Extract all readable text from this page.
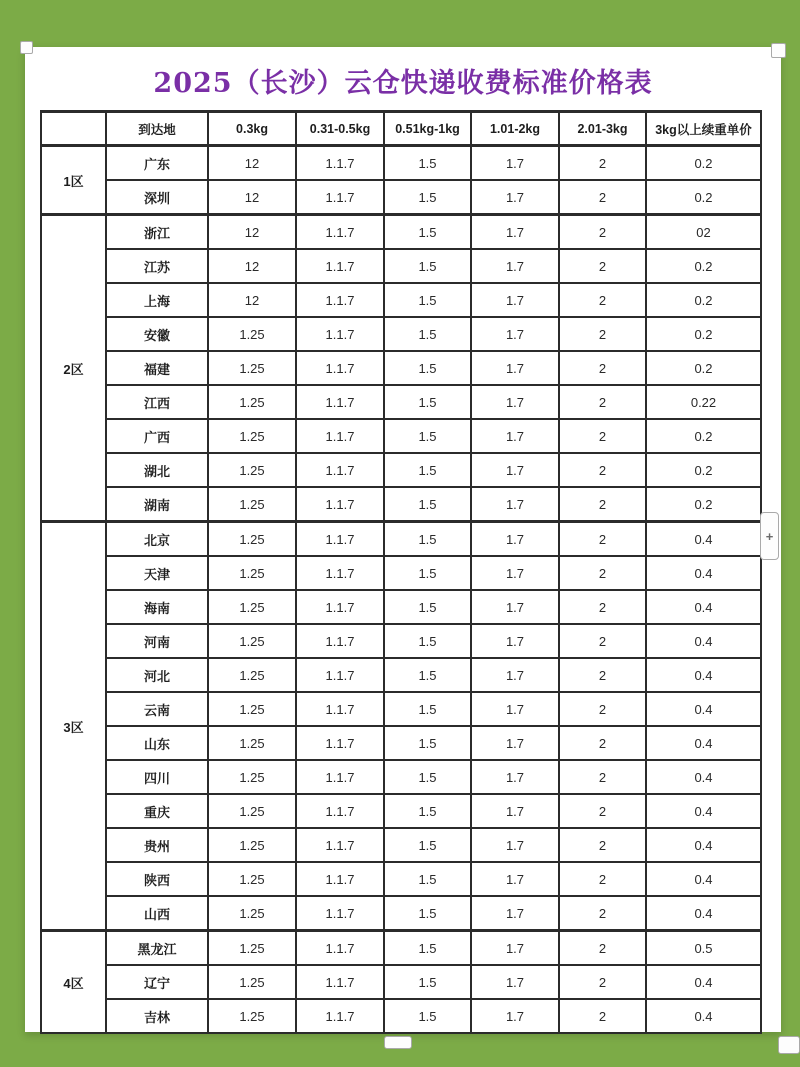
2025（长沙）云仓快递收费标准价格表
	到达地	0.3kg	0.31-0.5kg	0.51kg-1kg	1.01-2kg	2.01-3kg	3kg以上续重单价
1区	广东	12	1.1.7	1.5	1.7	2	0.2
	深圳	12	1.1.7	1.5	1.7	2	0.2
2区	浙江	12	1.1.7	1.5	1.7	2	02
	江苏	12	1.1.7	1.5	1.7	2	0.2
	上海	12	1.1.7	1.5	1.7	2	0.2
	安徽	1.25	1.1.7	1.5	1.7	2	0.2
	福建	1.25	1.1.7	1.5	1.7	2	0.2
	江西	1.25	1.1.7	1.5	1.7	2	0.22
	广西	1.25	1.1.7	1.5	1.7	2	0.2
	湖北	1.25	1.1.7	1.5	1.7	2	0.2
	湖南	1.25	1.1.7	1.5	1.7	2	0.2
3区	北京	1.25	1.1.7	1.5	1.7	2	0.4
	天津	1.25	1.1.7	1.5	1.7	2	0.4
	海南	1.25	1.1.7	1.5	1.7	2	0.4
	河南	1.25	1.1.7	1.5	1.7	2	0.4
	河北	1.25	1.1.7	1.5	1.7	2	0.4
	云南	1.25	1.1.7	1.5	1.7	2	0.4
	山东	1.25	1.1.7	1.5	1.7	2	0.4
	四川	1.25	1.1.7	1.5	1.7	2	0.4
	重庆	1.25	1.1.7	1.5	1.7	2	0.4
	贵州	1.25	1.1.7	1.5	1.7	2	0.4
	陕西	1.25	1.1.7	1.5	1.7	2	0.4
	山西	1.25	1.1.7	1.5	1.7	2	0.4
4区	黑龙江	1.25	1.1.7	1.5	1.7	2	0.5
	辽宁	1.25	1.1.7	1.5	1.7	2	0.4
	吉林	1.25	1.1.7	1.5	1.7	2	0.4
+
